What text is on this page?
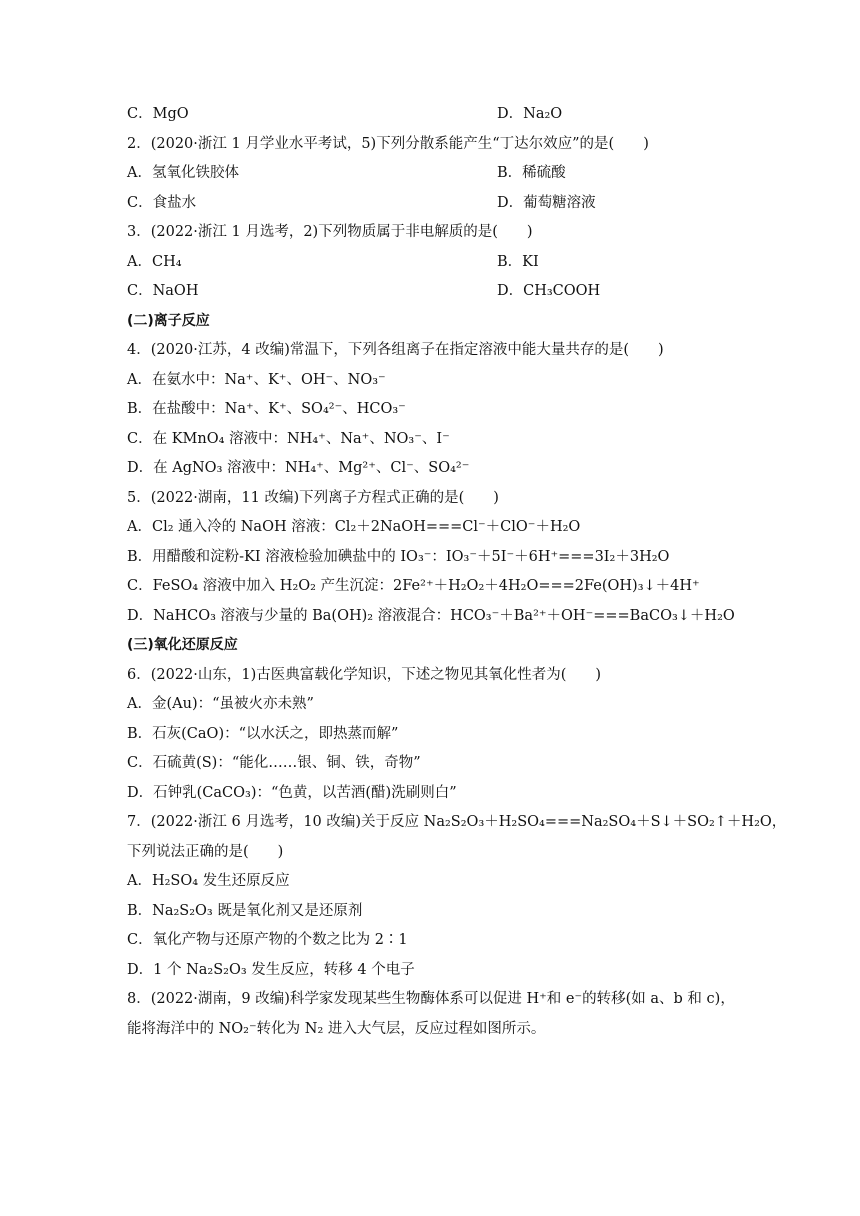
C．MgO	D．Na₂O
2．(2020·浙江 1 月学业水平考试，5)下列分散系能产生“丁达尔效应”的是(　　)
A．氢氧化铁胶体	B．稀硫酸
C．食盐水	D．葡萄糖溶液
3．(2022·浙江 1 月选考，2)下列物质属于非电解质的是(　　)
A．CH₄	B．KI
C．NaOH	D．CH₃COOH
(二)离子反应
4．(2020·江苏，4 改编)常温下，下列各组离子在指定溶液中能大量共存的是(　　)
A．在氨水中：Na⁺、K⁺、OH⁻、NO₃⁻
B．在盐酸中：Na⁺、K⁺、SO₄²⁻、HCO₃⁻
C．在 KMnO₄ 溶液中：NH₄⁺、Na⁺、NO₃⁻、I⁻
D．在 AgNO₃ 溶液中：NH₄⁺、Mg²⁺、Cl⁻、SO₄²⁻
5．(2022·湖南，11 改编)下列离子方程式正确的是(　　)
A．Cl₂ 通入冷的 NaOH 溶液：Cl₂＋2NaOH===Cl⁻＋ClO⁻＋H₂O
B．用醋酸和淀粉-KI 溶液检验加碘盐中的 IO₃⁻：IO₃⁻＋5I⁻＋6H⁺===3I₂＋3H₂O
C．FeSO₄ 溶液中加入 H₂O₂ 产生沉淀：2Fe²⁺＋H₂O₂＋4H₂O===2Fe(OH)₃↓＋4H⁺
D．NaHCO₃ 溶液与少量的 Ba(OH)₂ 溶液混合：HCO₃⁻＋Ba²⁺＋OH⁻===BaCO₃↓＋H₂O
(三)氧化还原反应
6．(2022·山东，1)古医典富载化学知识，下述之物见其氧化性者为(　　)
A．金(Au)：“虽被火亦未熟”
B．石灰(CaO)：“以水沃之，即热蒸而解”
C．石硫黄(S)：“能化……银、铜、铁，奇物”
D．石钟乳(CaCO₃)：“色黄，以苦酒(醋)洗刷则白”
7．(2022·浙江 6 月选考，10 改编)关于反应 Na₂S₂O₃＋H₂SO₄===Na₂SO₄＋S↓＋SO₂↑＋H₂O，
下列说法正确的是(　　)
A．H₂SO₄ 发生还原反应
B．Na₂S₂O₃ 既是氧化剂又是还原剂
C．氧化产物与还原产物的个数之比为 2∶1
D．1 个 Na₂S₂O₃ 发生反应，转移 4 个电子
8．(2022·湖南，9 改编)科学家发现某些生物酶体系可以促进 H⁺和 e⁻的转移(如 a、b 和 c)，
能将海洋中的 NO₂⁻转化为 N₂ 进入大气层，反应过程如图所示。
